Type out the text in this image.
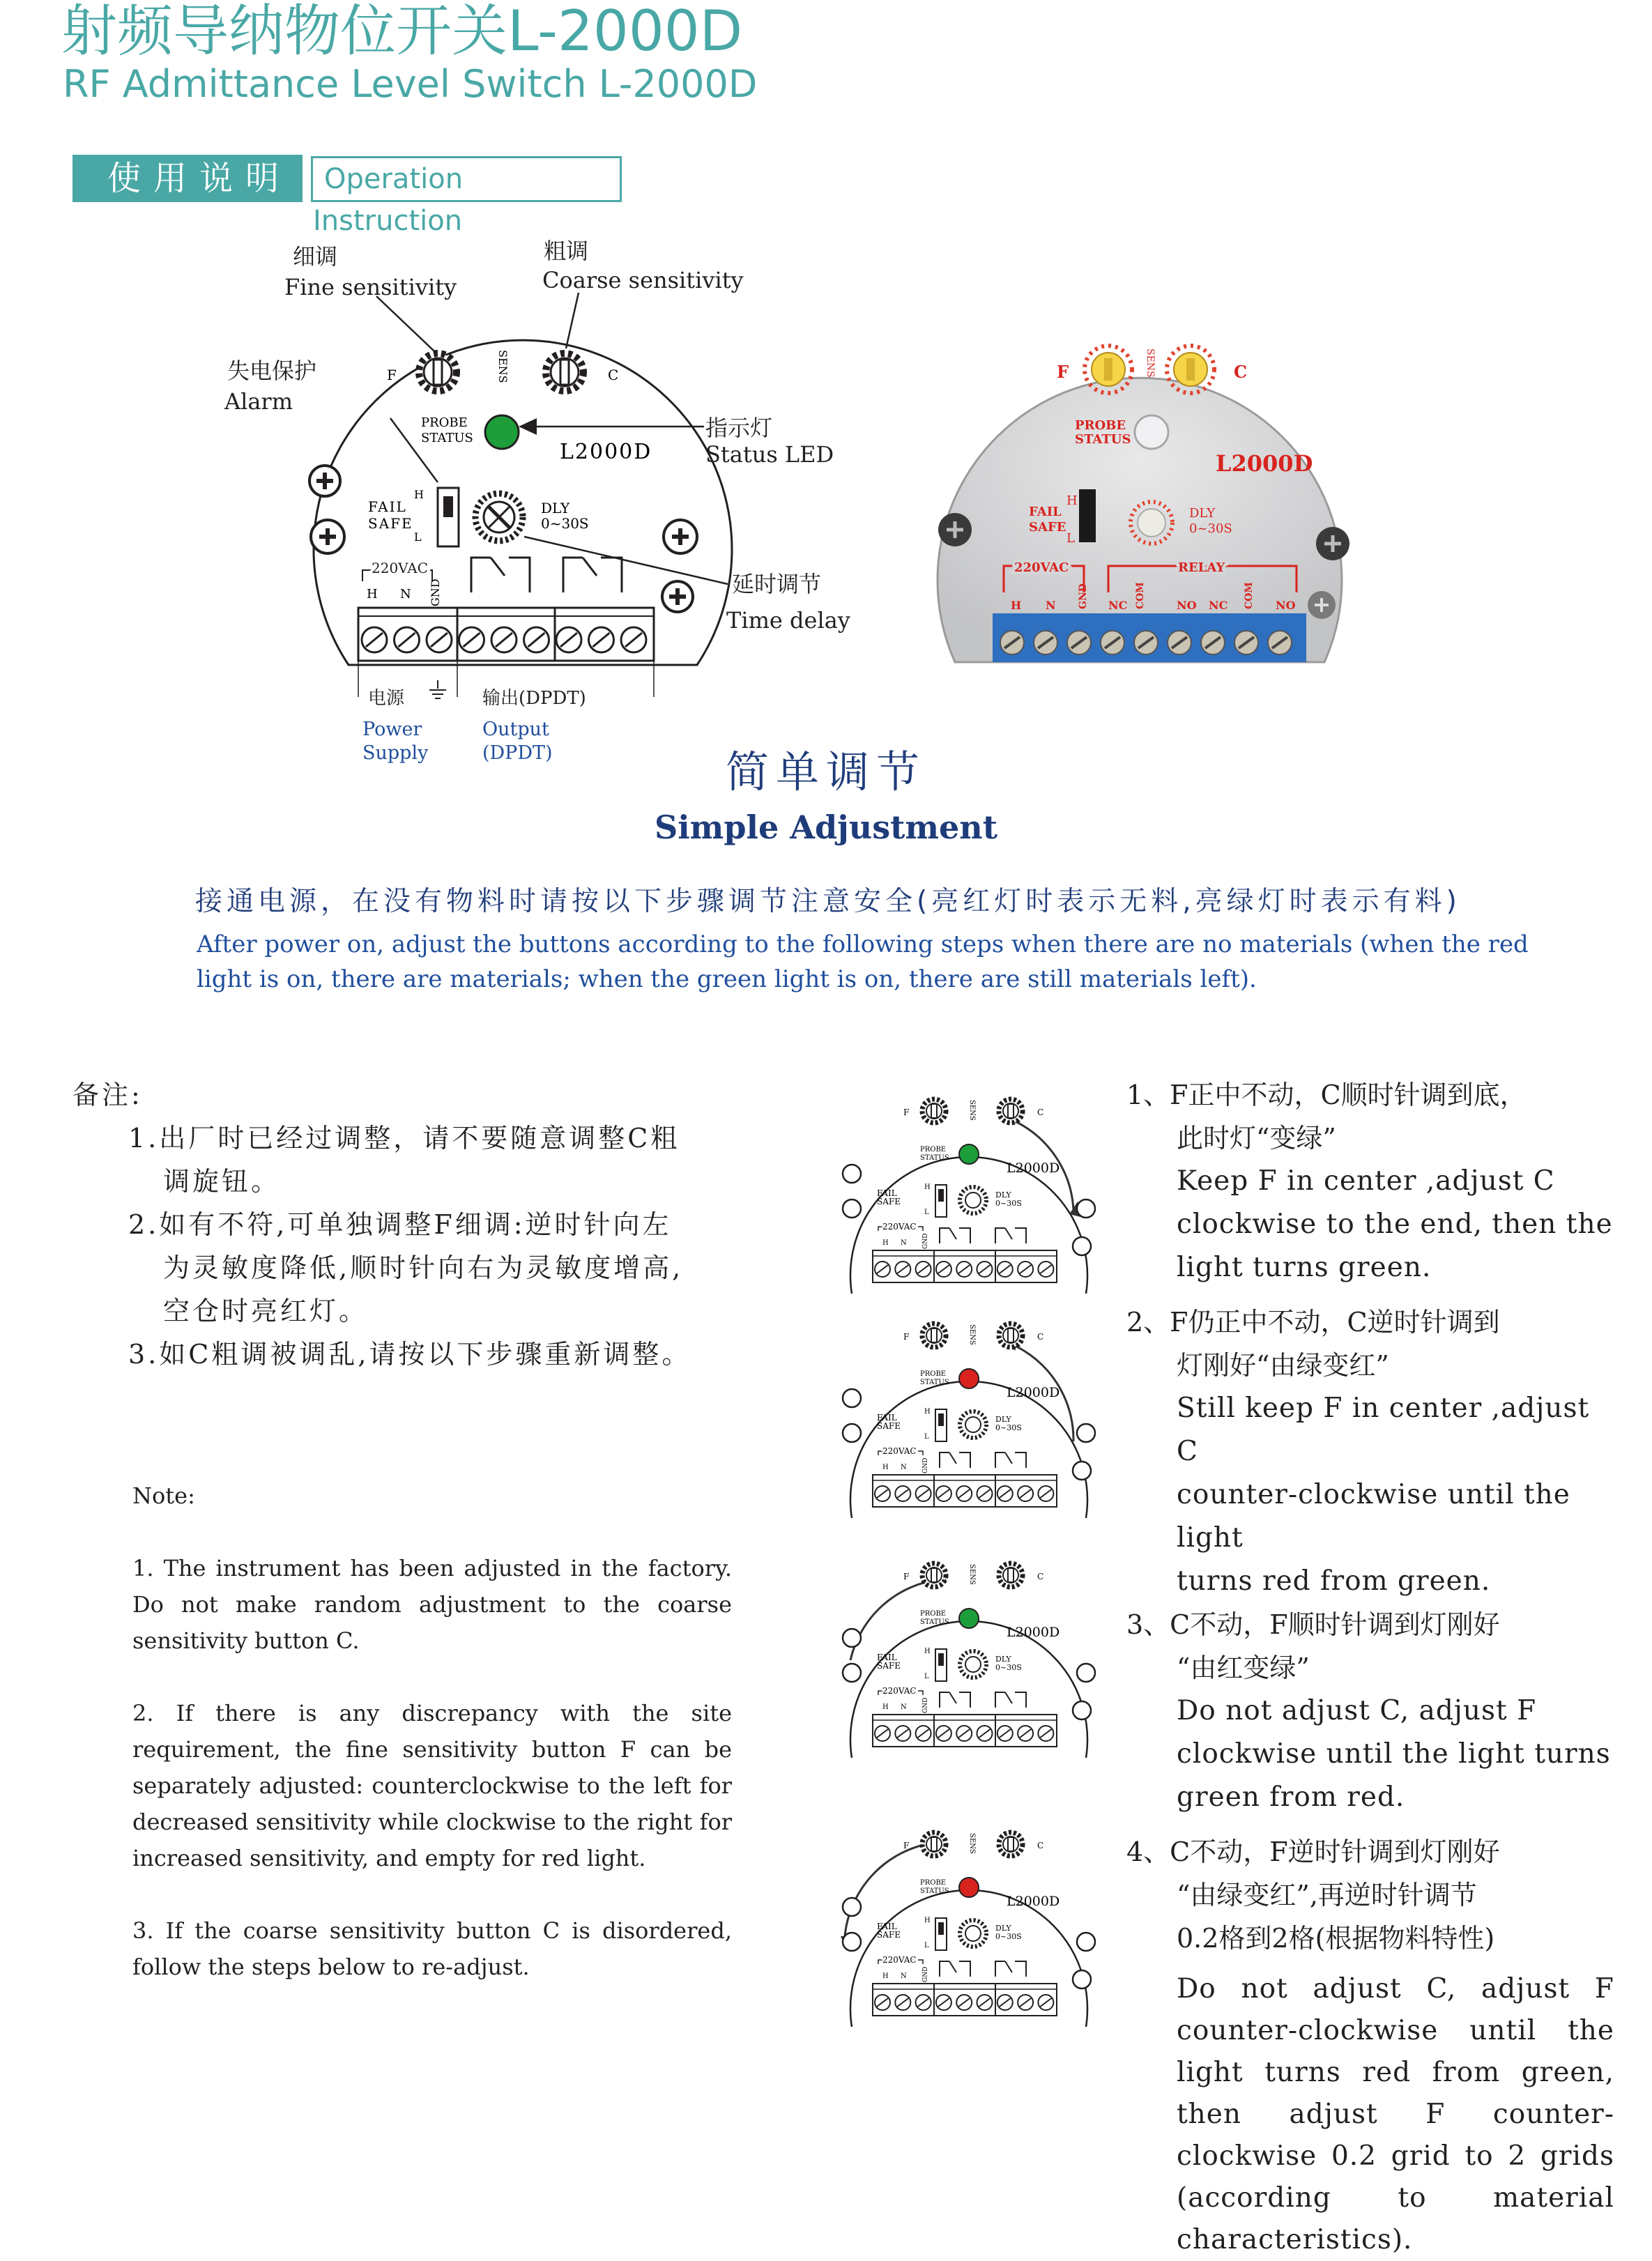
射频导纳物位开关L-2000D
RF Admittance Level Switch L-2000D
使用说明	Operation Instruction
细调
Fine sensitivity
粗调
Coarse sensitivity
失电保护
Alarm
指示灯
Status LED
延时调节
Time delay
电源	输出(DPDT)
Power Supply
Output (DPDT)
F	C
SENS
PROBE
STATUS
L2000D
H
L
FAIL
SAFE
DLY
0~30S
220VAC
H N GND
F	C
SENS
PROBE
STATUS
L2000D
FAIL
SAFE
H
L
DLY
0~30S
220VAC	RELAY
H N GND NC COM	NO NC COM NO
简单调节
Simple Adjustment
接通电源，在没有物料时请按以下步骤调节注意安全(亮红灯时表示无料,亮绿灯时表示有料)
After power on, adjust the buttons according to the following steps when there are no materials (when the red light is on, there are materials; when the green light is on, there are still materials left).

备注:

1.出厂时已经过调整，请不要随意调整C粗

调旋钮。

2.如有不符,可单独调整F细调:逆时针向左

为灵敏度降低,顺时针向右为灵敏度增高,

空仓时亮红灯。

3.如C粗调被调乱,请按以下步骤重新调整。

Note:

1. The instrument has been adjusted in the factory. Do not make random adjustment to the coarse sensitivity button C.

2. If there is any discrepancy with the site requirement, the fine sensitivity button F can be separately adjusted: counterclockwise to the left for decreased sensitivity while clockwise to the right for increased sensitivity, and empty for red light.

3. If the coarse sensitivity button C is disordered, follow the steps below to re-adjust.

F	C
SENS
PROBE
STATUS
L2000D
H
L
FAIL
SAFE
DLY
0~30S
220VAC
H N GND
F	C
SENS
PROBE
STATUS
L2000D
H
L
FAIL
SAFE
DLY
0~30S
220VAC
H N GND
F	C
SENS
PROBE
STATUS
L2000D
H
L
FAIL
SAFE
DLY
0~30S
220VAC
H N GND
F	C
SENS
PROBE
STATUS
L2000D
H
L
FAIL
SAFE
DLY
0~30S
220VAC
H N GND

1、F正中不动，C顺时针调到底，

此时灯“变绿”

Keep F in center ,adjust C

clockwise to the end, then the

light turns green.

2、F仍正中不动，C逆时针调到

灯刚好“由绿变红”

Still keep F in center ,adjust C

counter-clockwise until the light

turns red from green.

3、C不动，F顺时针调到灯刚好

“由红变绿”

Do not adjust C, adjust F

clockwise until the light turns

green from red.

4、C不动，F逆时针调到灯刚好

“由绿变红”,再逆时针调节

0.2格到2格(根据物料特性)

Do not adjust C, adjust F counter-clockwise until the light turns red from green, then adjust F counter-clockwise 0.2 grid to 2 grids (according to material characteristics).
